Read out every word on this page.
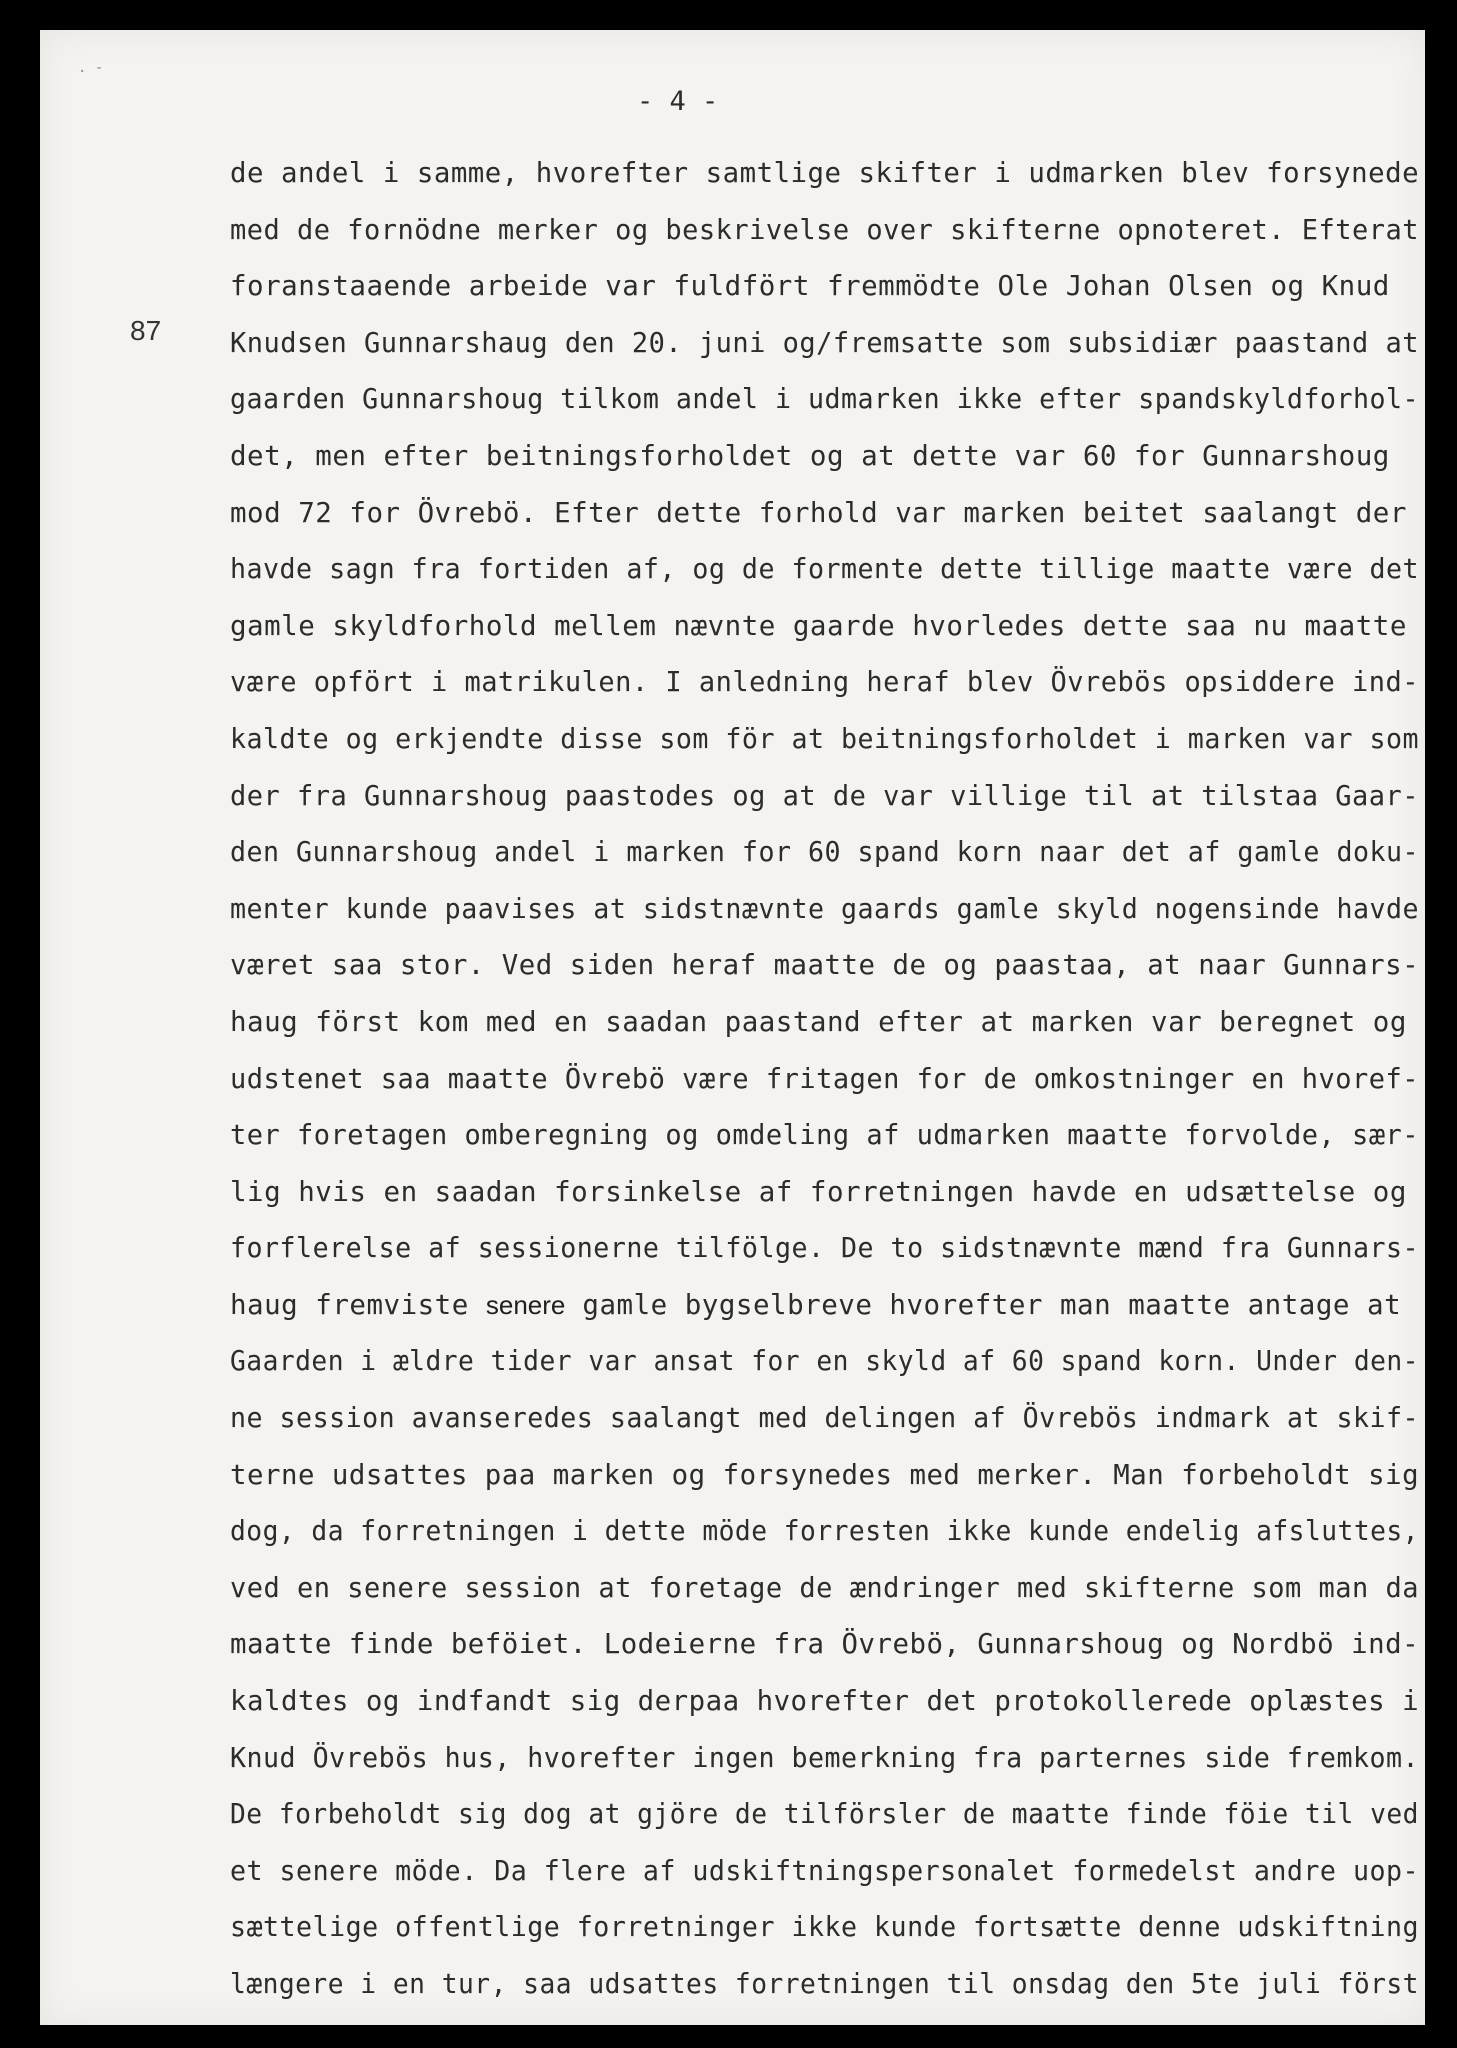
. -
- 4 -
87
de andel i samme, hvorefter samtlige skifter i udmarken blev forsynede
med de fornödne merker og beskrivelse over skifterne opnoteret. Efterat
foranstaaende arbeide var fuldfört fremmödte Ole Johan Olsen og Knud
Knudsen Gunnarshaug den 20. juni og/fremsatte som subsidiær paastand at
gaarden Gunnarshoug tilkom andel i udmarken ikke efter spandskyldforhol-
det, men efter beitningsforholdet og at dette var 60 for Gunnarshoug
mod 72 for Övrebö. Efter dette forhold var marken beitet saalangt der
havde sagn fra fortiden af, og de formente dette tillige maatte være det
gamle skyldforhold mellem nævnte gaarde hvorledes dette saa nu maatte
være opfört i matrikulen. I anledning heraf blev Övrebös opsiddere ind-
kaldte og erkjendte disse som för at beitningsforholdet i marken var som
der fra Gunnarshoug paastodes og at de var villige til at tilstaa Gaar-
den Gunnarshoug andel i marken for 60 spand korn naar det af gamle doku-
menter kunde paavises at sidstnævnte gaards gamle skyld nogensinde havde
været saa stor. Ved siden heraf maatte de og paastaa, at naar Gunnars-
haug först kom med en saadan paastand efter at marken var beregnet og
udstenet saa maatte Övrebö være fritagen for de omkostninger en hvoref-
ter foretagen omberegning og omdeling af udmarken maatte forvolde, sær-
lig hvis en saadan forsinkelse af forretningen havde en udsættelse og
forflerelse af sessionerne tilfölge. De to sidstnævnte mænd fra Gunnars-
haug fremviste senere gamle bygselbreve hvorefter man maatte antage at
Gaarden i ældre tider var ansat for en skyld af 60 spand korn. Under den-
ne session avanseredes saalangt med delingen af Övrebös indmark at skif-
terne udsattes paa marken og forsynedes med merker. Man forbeholdt sig
dog, da forretningen i dette möde forresten ikke kunde endelig afsluttes,
ved en senere session at foretage de ændringer med skifterne som man da
maatte finde beföiet. Lodeierne fra Övrebö, Gunnarshoug og Nordbö ind-
kaldtes og indfandt sig derpaa hvorefter det protokollerede oplæstes i
Knud Övrebös hus, hvorefter ingen bemerkning fra parternes side fremkom.
De forbeholdt sig dog at gjöre de tilförsler de maatte finde föie til ved
et senere möde. Da flere af udskiftningspersonalet formedelst andre uop-
sættelige offentlige forretninger ikke kunde fortsætte denne udskiftning
længere i en tur, saa udsattes forretningen til onsdag den 5te juli först
